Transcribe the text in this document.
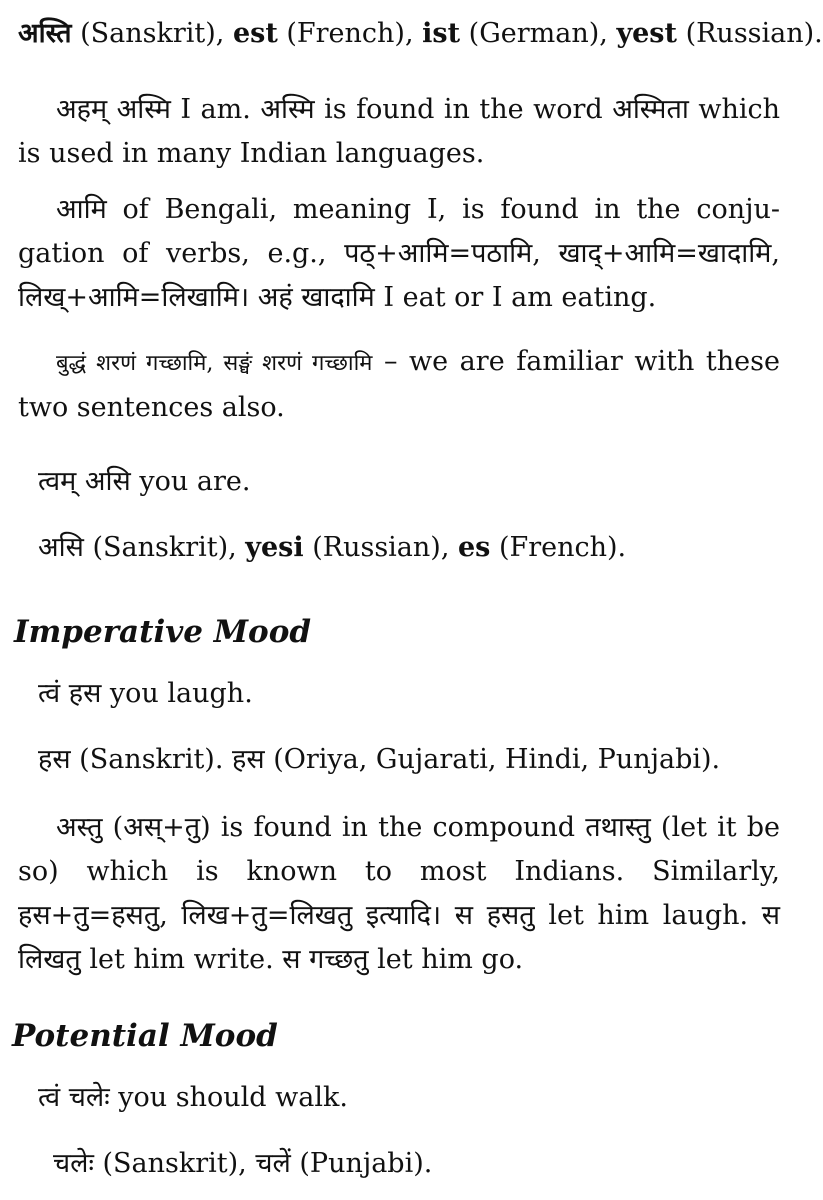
अस्ति (Sanskrit), est (French), ist (German), yest (Russian).

अहम् अस्मि I am. अस्मि is found in the word अस्मिता which is used in many Indian languages.

आमि of Bengali, meaning I, is found in the conju-gation of verbs, e.g., पठ्+आमि=पठामि, खाद्+आमि=खादामि, लिख्+आमि=लिखामि। अहं खादामि I eat or I am eating.

बुद्धं शरणं गच्छामि, सङ्घं शरणं गच्छामि – we are familiar with these two sentences also.

त्वम् असि you are.

असि (Sanskrit), yesi (Russian), es (French).

Imperative Mood

त्वं हस you laugh.

हस (Sanskrit). हस (Oriya, Gujarati, Hindi, Punjabi).

अस्तु (अस्+तु) is found in the compound तथास्तु (let it be so) which is known to most Indians. Similarly, हस+तु=हसतु, लिख+तु=लिखतु इत्यादि। स हसतु let him laugh. स लिखतु let him write. स गच्छतु let him go.

Potential Mood

त्वं चलेः you should walk.

चलेः (Sanskrit), चलें (Punjabi).
